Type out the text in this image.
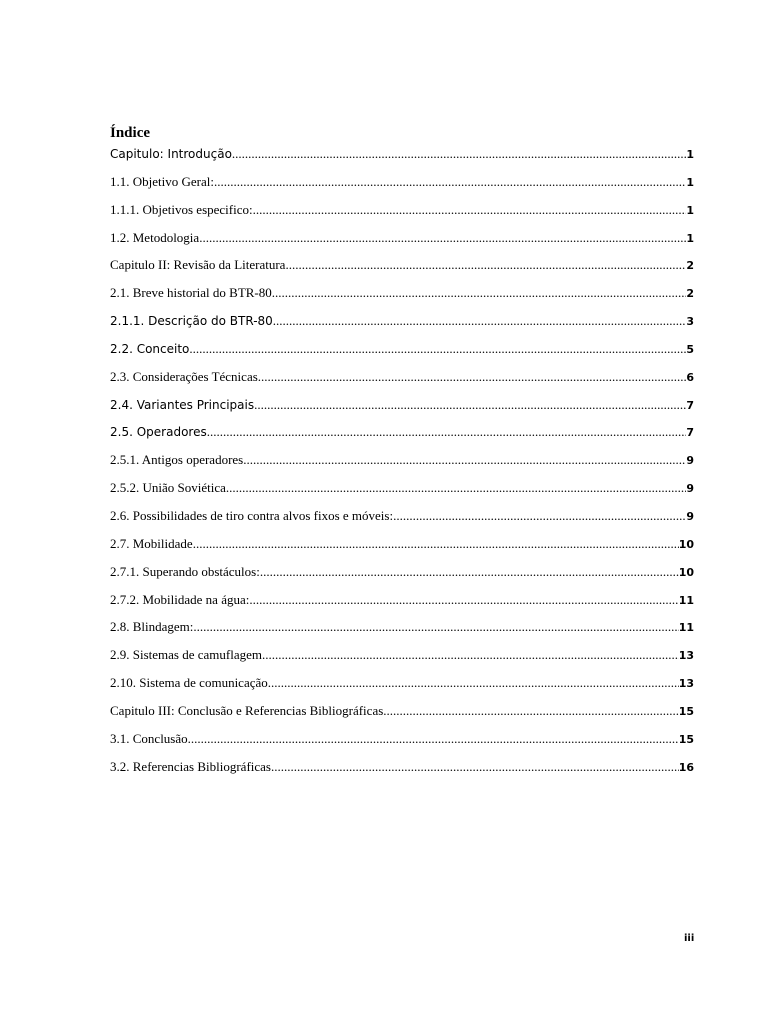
Índice
Capitulo: Introdução .....	1
1.1. Objetivo Geral: .....	1
1.1.1. Objetivos especifico: .....	1
1.2. Metodologia .....	1
Capitulo II: Revisão da Literatura .....	2
2.1. Breve historial do BTR-80 .....	2
2.1.1. Descrição do BTR-80 .....	3
2.2. Conceito .....	5
2.3. Considerações Técnicas .....	6
2.4. Variantes Principais .....	7
2.5. Operadores .....	7
2.5.1. Antigos operadores .....	9
2.5.2. União Soviética .....	9
2.6. Possibilidades de tiro contra alvos fixos e móveis: .....	9
2.7. Mobilidade .....	10
2.7.1. Superando obstáculos: .....	10
2.7.2. Mobilidade na água: .....	11
2.8. Blindagem: .....	11
2.9. Sistemas de camuflagem .....	13
2.10. Sistema de comunicação .....	13
Capitulo III: Conclusão e Referencias Bibliográficas .....	15
3.1. Conclusão .....	15
3.2. Referencias Bibliográficas .....	16
iii
